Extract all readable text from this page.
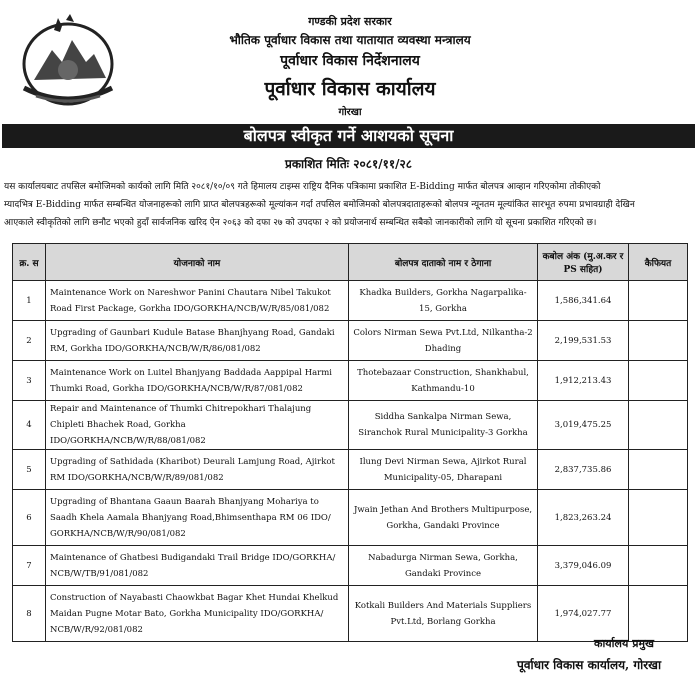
गण्डकी प्रदेश सरकार
भौतिक पूर्वाधार विकास तथा यातायात व्यवस्था मन्त्रालय
पूर्वाधार विकास निर्देशनालय
पूर्वाधार विकास कार्यालय
गोरखा
बोलपत्र स्वीकृत गर्ने आशयको सूचना
प्रकाशित मितिः २०८१/११/२८
यस कार्यालयबाट तपसिल बमोजिमको कार्यको लागि मिति २०८१/१०/०९ गते हिमालय टाइम्स राष्ट्रिय दैनिक पत्रिकामा प्रकाशित E-Bidding मार्फत बोलपत्र आव्हान गरिएकोमा तोकीएको
म्यादभित्र E-Bidding मार्फत सम्बन्धित योजनाहरूको लागि प्राप्त बोलपत्रहरूको मूल्यांकन गर्दा तपसिल बमोजिमको बोलपत्रदाताहरूको बोलपत्र न्यूनतम मूल्यांकित सारभूत रुपमा प्रभावग्राही देखिन
आएकाले स्वीकृतिको लागि छनौट भएको हुदाँ सार्वजनिक खरिद ऐन २०६३ को दफा २७ को उपदफा २ को प्रयोजनार्थ सम्बन्धित सबैको जानकारीको लागि यो सूचना प्रकाशित गरिएको छ।
क्र. स	योजनाको नाम	बोलपत्र दाताको नाम र ठेगाना	कबोल अंक (मु.अ.कर र PS सहित)	कैफियत
1	Maintenance Work on Nareshwor Panini Chautara Nibel Takukot Road First Package, Gorkha IDO/GORKHA/NCB/W/R/85/081/082	Khadka Builders, Gorkha Nagarpalika-15, Gorkha	1,586,341.64	
2	Upgrading of Gaunbari Kudule Batase Bhanjhyang Road, Gandaki RM, Gorkha IDO/GORKHA/NCB/W/R/86/081/082	Colors Nirman Sewa Pvt.Ltd, Nilkantha-2 Dhading	2,199,531.53	
3	Maintenance Work on Luitel Bhanjyang Baddada Aappipal Harmi Thumki Road, Gorkha IDO/GORKHA/NCB/W/R/87/081/082	Thotebazaar Construction, Shankhabul, Kathmandu-10	1,912,213.43	
4	Repair and Maintenance of Thumki Chitrepokhari Thalajung Chipleti Bhachek Road, Gorkha IDO/GORKHA/NCB/W/R/88/081/082	Siddha Sankalpa Nirman Sewa, Siranchok Rural Municipality-3 Gorkha	3,019,475.25	
5	Upgrading of Sathidada (Kharibot) Deurali Lamjung Road, Ajirkot RM IDO/GORKHA/NCB/W/R/89/081/082	Ilung Devi Nirman Sewa, Ajirkot Rural Municipality-05, Dharapani	2,837,735.86	
6	Upgrading of Bhantana Gaaun Baarah Bhanjyang Mohariya to Saadh Khela Aamala Bhanjyang Road,Bhimsenthapa RM 06 IDO/ GORKHA/NCB/W/R/90/081/082	Jwain Jethan And Brothers Multipurpose, Gorkha, Gandaki Province	1,823,263.24	
7	Maintenance of Ghatbesi Budigandaki Trail Bridge IDO/GORKHA/ NCB/W/TB/91/081/082	Nabadurga Nirman Sewa, Gorkha, Gandaki Province	3,379,046.09	
8	Construction of Nayabasti Chaowkbat Bagar Khet Hundai Khelkud Maidan Pugne Motar Bato, Gorkha Municipality IDO/GORKHA/ NCB/W/R/92/081/082	Kotkali Builders And Materials Suppliers Pvt.Ltd, Borlang Gorkha	1,974,027.77	
कार्यालय प्रमुख
पूर्वाधार विकास कार्यालय, गोरखा
